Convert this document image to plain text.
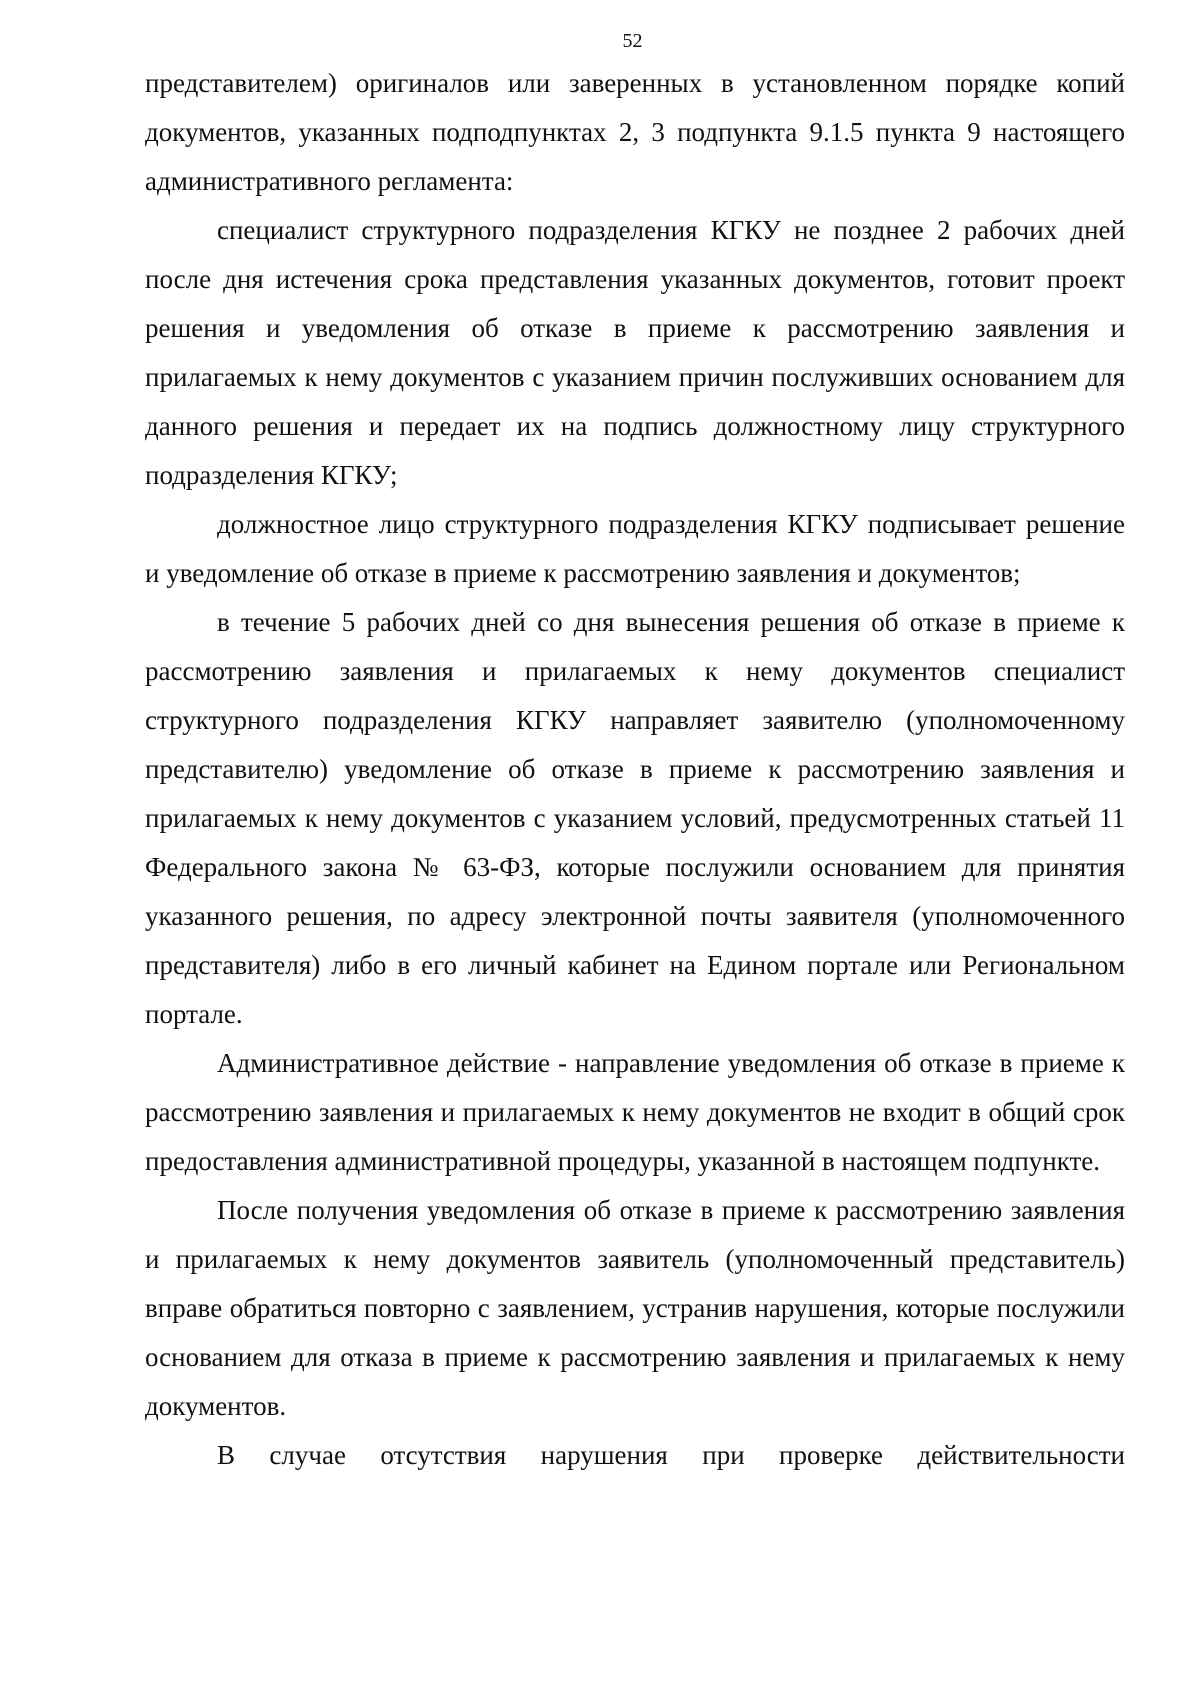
52

представителем) оригиналов или заверенных в установленном порядке копий документов, указанных подподпунктах 2, 3 подпункта 9.1.5 пункта 9 настоящего административного регламента:

специалист структурного подразделения КГКУ не позднее 2 рабочих дней после дня истечения срока представления указанных документов, готовит проект решения и уведомления об отказе в приеме к рассмотрению заявления и прилагаемых к нему документов с указанием причин послуживших основанием для данного решения и передает их на подпись должностному лицу структурного подразделения КГКУ;

должностное лицо структурного подразделения КГКУ подписывает решение и уведомление об отказе в приеме к рассмотрению заявления и документов;

в течение 5 рабочих дней со дня вынесения решения об отказе в приеме к рассмотрению заявления и прилагаемых к нему документов специалист структурного подразделения КГКУ направляет заявителю (уполномоченному представителю) уведомление об отказе в приеме к рассмотрению заявления и прилагаемых к нему документов с указанием условий, предусмотренных статьей 11 Федерального закона № 63-ФЗ, которые послужили основанием для принятия указанного решения, по адресу электронной почты заявителя (уполномоченного представителя) либо в его личный кабинет на Едином портале или Региональном портале.

Административное действие - направление уведомления об отказе в приеме к рассмотрению заявления и прилагаемых к нему документов не входит в общий срок предоставления административной процедуры, указанной в настоящем подпункте.

После получения уведомления об отказе в приеме к рассмотрению заявления и прилагаемых к нему документов заявитель (уполномоченный представитель) вправе обратиться повторно с заявлением, устранив нарушения, которые послужили основанием для отказа в приеме к рассмотрению заявления и прилагаемых к нему документов.

В случае отсутствия нарушения при проверке действительности
